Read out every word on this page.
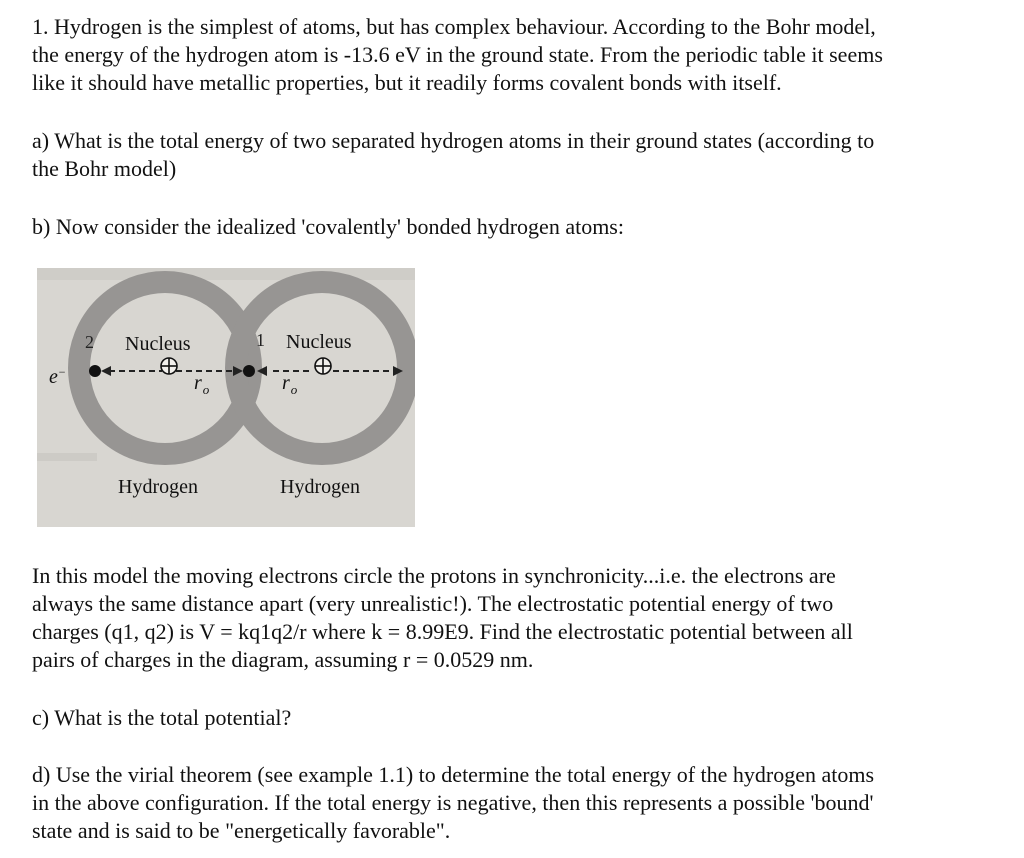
1. Hydrogen is the simplest of atoms, but has complex behaviour. According to the Bohr model,
the energy of the hydrogen atom is -13.6 eV in the ground state. From the periodic table it seems
like it should have metallic properties, but it readily forms covalent bonds with itself.
a) What is the total energy of two separated hydrogen atoms in their ground states (according to
the Bohr model)
b) Now consider the idealized 'covalently' bonded hydrogen atoms:
Nucleus	Nucleus
2	1
e−	$r_o$	$r_o$
Hydrogen	Hydrogen
In this model the moving electrons circle the protons in synchronicity...i.e. the electrons are
always the same distance apart (very unrealistic!). The electrostatic potential energy of two
charges (q1, q2) is V = kq1q2/r where k = 8.99E9. Find the electrostatic potential between all
pairs of charges in the diagram, assuming r = 0.0529 nm.
c) What is the total potential?
d) Use the virial theorem (see example 1.1) to determine the total energy of the hydrogen atoms
in the above configuration. If the total energy is negative, then this represents a possible 'bound'
state and is said to be "energetically favorable".
